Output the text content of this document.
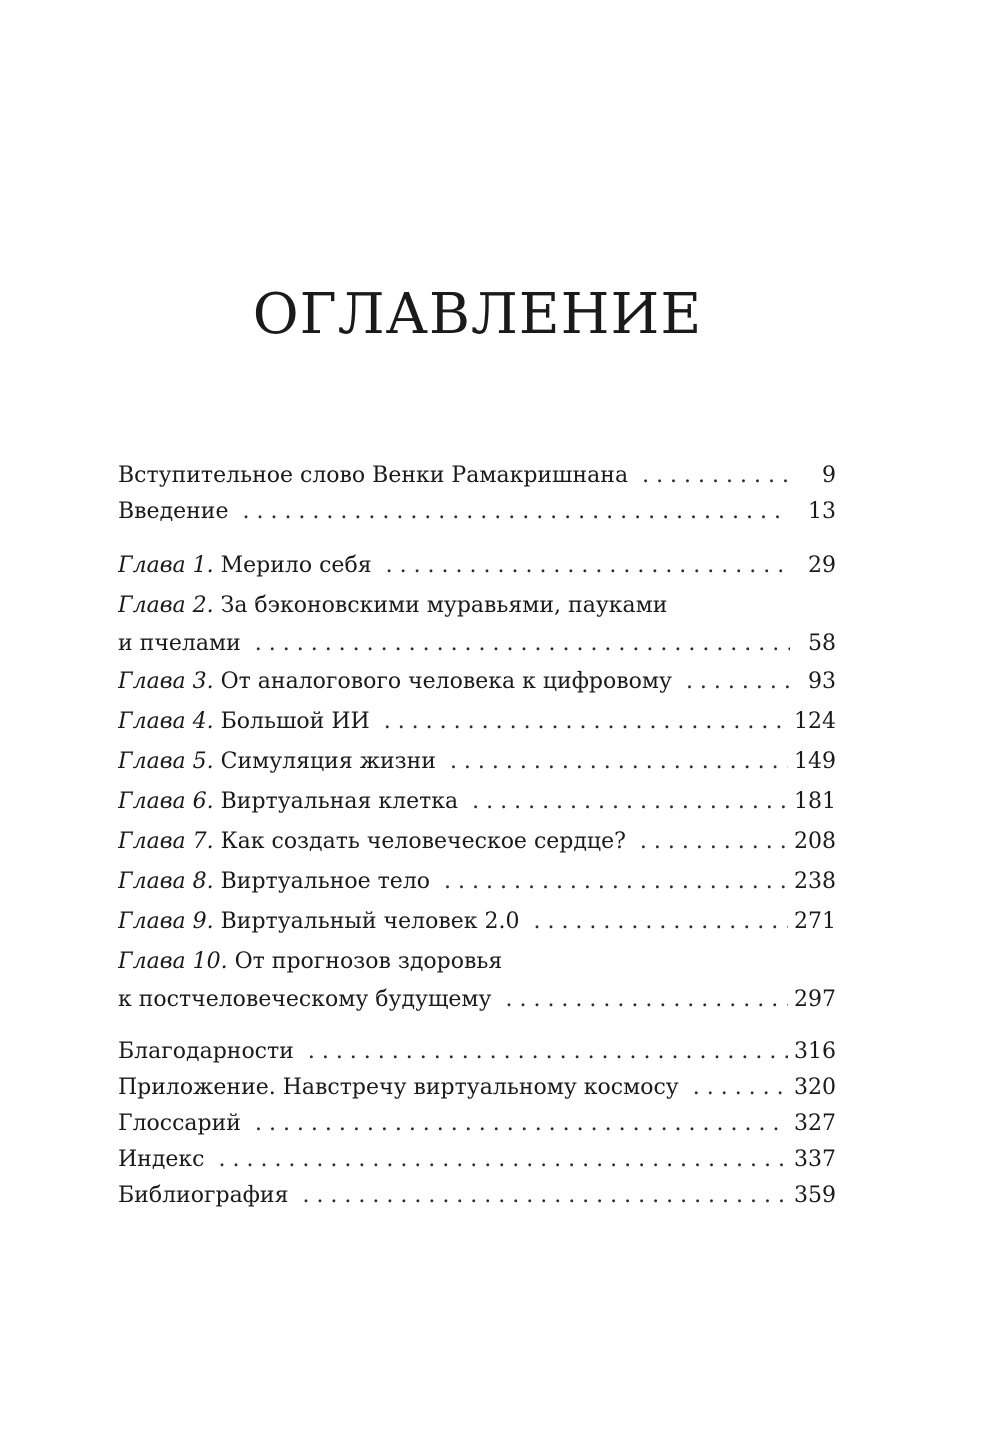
ОГЛАВЛЕНИЕ
Вступительное слово Венки Рамакришнана . . .	9
Введение . . .	13
Глава 1. Мерило себя . . .	29
Глава 2. За бэконовскими муравьями, пауками
и пчелами . . .	58
Глава 3. От аналогового человека к цифровому . . .	93
Глава 4. Большой ИИ . . .	124
Глава 5. Симуляция жизни . . .	149
Глава 6. Виртуальная клетка . . .	181
Глава 7. Как создать человеческое сердце? . . .	208
Глава 8. Виртуальное тело . . .	238
Глава 9. Виртуальный человек 2.0 . . .	271
Глава 10. От прогнозов здоровья
к постчеловеческому будущему . . .	297
Благодарности . . .	316
Приложение. Навстречу виртуальному космосу . . .	320
Глоссарий . . .	327
Индекс . . .	337
Библиография . . .	359
